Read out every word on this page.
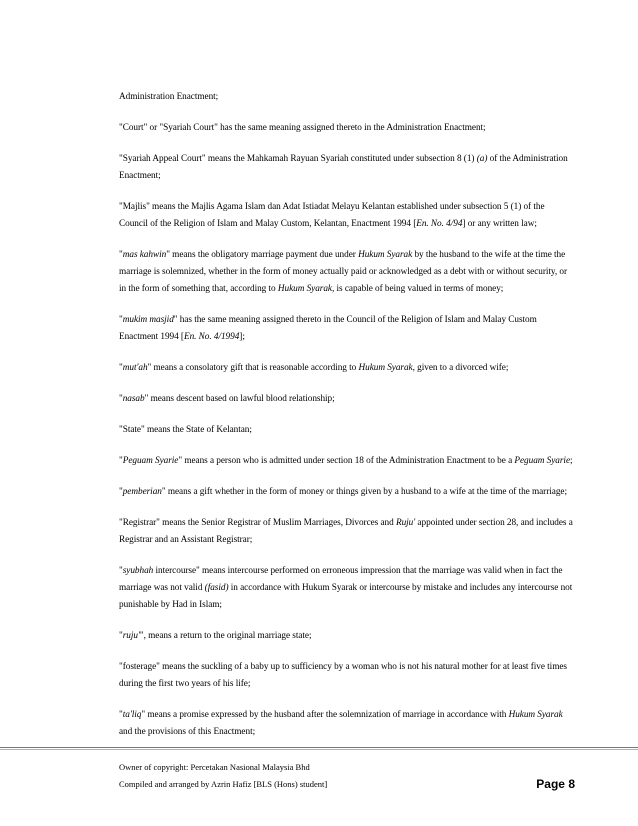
Administration Enactment;

"Court" or "Syariah Court" has the same meaning assigned thereto in the Administration Enactment;

"Syariah Appeal Court" means the Mahkamah Rayuan Syariah constituted under subsection 8 (1) (a) of the Administration Enactment;

"Majlis" means the Majlis Agama Islam dan Adat Istiadat Melayu Kelantan established under subsection 5 (1) of the Council of the Religion of Islam and Malay Custom, Kelantan, Enactment 1994 [En. No. 4/94] or any written law;

"mas kahwin" means the obligatory marriage payment due under Hukum Syarak by the husband to the wife at the time the marriage is solemnized, whether in the form of money actually paid or acknowledged as a debt with or without security, or in the form of something that, according to Hukum Syarak, is capable of being valued in terms of money;

"mukim masjid" has the same meaning assigned thereto in the Council of the Religion of Islam and Malay Custom Enactment 1994 [En. No. 4/1994];

"mut'ah" means a consolatory gift that is reasonable according to Hukum Syarak, given to a divorced wife;

"nasab" means descent based on lawful blood relationship;

"State" means the State of Kelantan;

"Peguam Syarie" means a person who is admitted under section 18 of the Administration Enactment to be a Peguam Syarie;

"pemberian" means a gift whether in the form of money or things given by a husband to a wife at the time of the marriage;

"Registrar" means the Senior Registrar of Muslim Marriages, Divorces and Ruju' appointed under section 28, and includes a Registrar and an Assistant Registrar;

"syubhah intercourse" means intercourse performed on erroneous impression that the marriage was valid when in fact the marriage was not valid (fasid) in accordance with Hukum Syarak or intercourse by mistake and includes any intercourse not punishable by Had in Islam;

"ruju'", means a return to the original marriage state;

"fosterage" means the suckling of a baby up to sufficiency by a woman who is not his natural mother for at least five times during the first two years of his life;

"ta'liq" means a promise expressed by the husband after the solemnization of marriage in accordance with Hukum Syarak and the provisions of this Enactment;

Owner of copyright: Percetakan Nasional Malaysia Bhd
Compiled and arranged by Azrin Hafiz [BLS (Hons) student]	Page 8
